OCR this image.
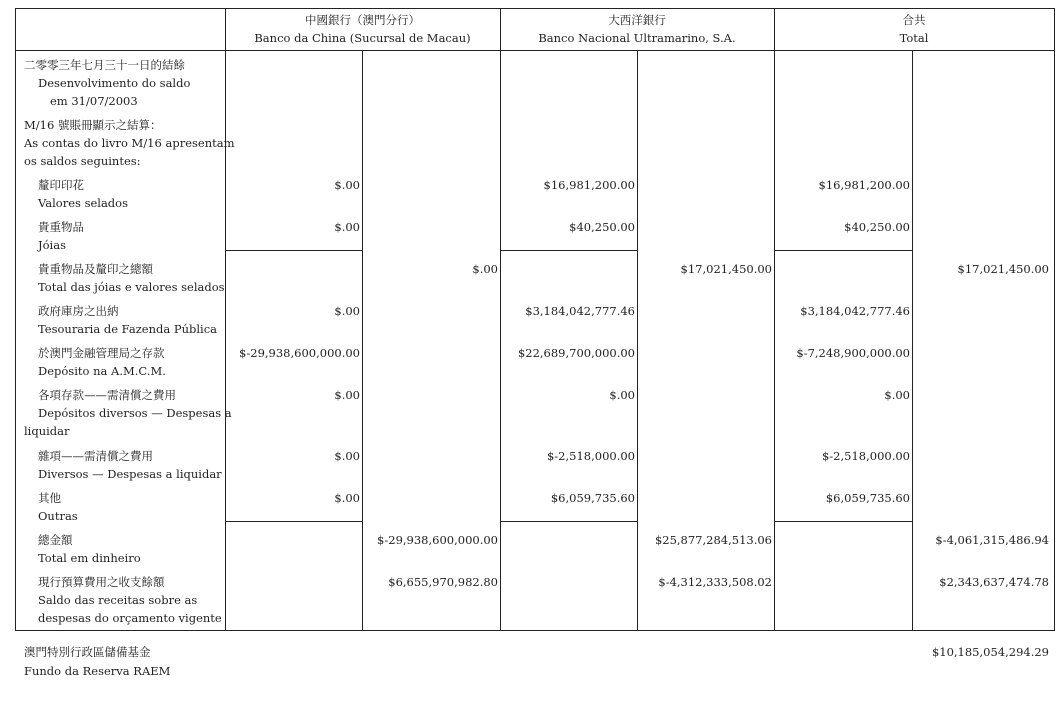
中國銀行（澳門分行）
Banco da China (Sucursal de Macau)
大西洋銀行
Banco Nacional Ultramarino, S.A.
合共
Total
二零零三年七月三十一日的結餘
Desenvolvimento do saldo
em 31/07/2003
M/16 號賬冊顯示之結算：
As contas do livro M/16 apresentam
os saldos seguintes:
釐印印花
Valores selados
$.00	$16,981,200.00	$16,981,200.00
貴重物品
Jóias
$.00	$40,250.00	$40,250.00
貴重物品及釐印之總額
Total das jóias e valores selados
$.00	$17,021,450.00	$17,021,450.00
政府庫房之出納
Tesouraria de Fazenda Pública
$.00	$3,184,042,777.46	$3,184,042,777.46
於澳門金融管理局之存款
Depósito na A.M.C.M.
$-29,938,600,000.00	$22,689,700,000.00	$-7,248,900,000.00
各項存款——需清償之費用
Depósitos diversos — Despesas a
liquidar
$.00	$.00	$.00
雜項——需清償之費用
Diversos — Despesas a liquidar
$.00	$-2,518,000.00	$-2,518,000.00
其他
Outras
$.00	$6,059,735.60	$6,059,735.60
總金額
Total em dinheiro
$-29,938,600,000.00	$25,877,284,513.06	$-4,061,315,486.94
現行預算費用之收支餘額
Saldo das receitas sobre as
despesas do orçamento vigente
$6,655,970,982.80	$-4,312,333,508.02	$2,343,637,474.78
澳門特別行政區儲備基金
Fundo da Reserva RAEM
$10,185,054,294.29
